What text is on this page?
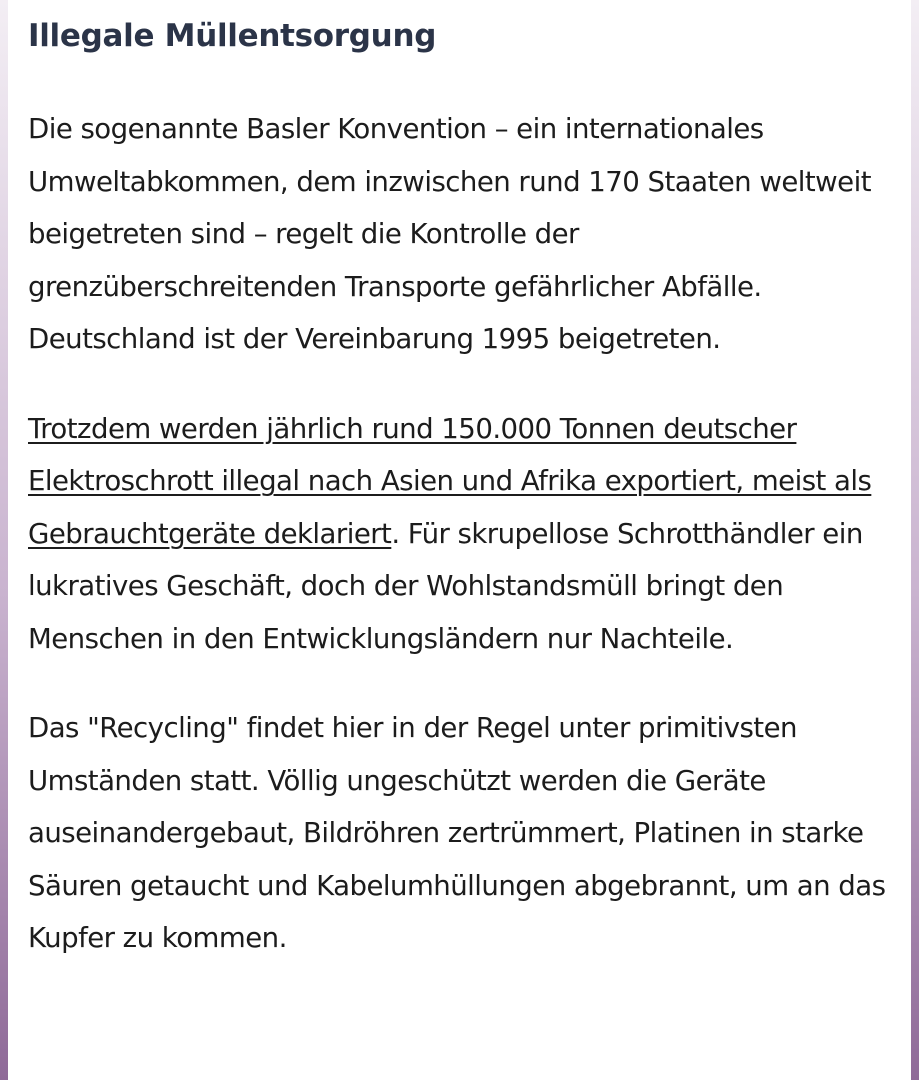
Illegale Müllentsorgung

Die sogenannte Basler Konvention – ein internationales Umweltabkommen, dem inzwischen rund 170 Staaten weltweit beigetreten sind – regelt die Kontrolle der grenzüberschreitenden Transporte gefährlicher Abfälle. Deutschland ist der Vereinbarung 1995 beigetreten.

Trotzdem werden jährlich rund 150.000 Tonnen deutscher Elektroschrott illegal nach Asien und Afrika exportiert, meist als Gebrauchtgeräte deklariert. Für skrupellose Schrotthändler ein lukratives Geschäft, doch der Wohlstandsmüll bringt den Menschen in den Entwicklungsländern nur Nachteile.

Das "Recycling" findet hier in der Regel unter primitivsten Umständen statt. Völlig ungeschützt werden die Geräte auseinandergebaut, Bildröhren zertrümmert, Platinen in starke Säuren getaucht und Kabelumhüllungen abgebrannt, um an das Kupfer zu kommen.
